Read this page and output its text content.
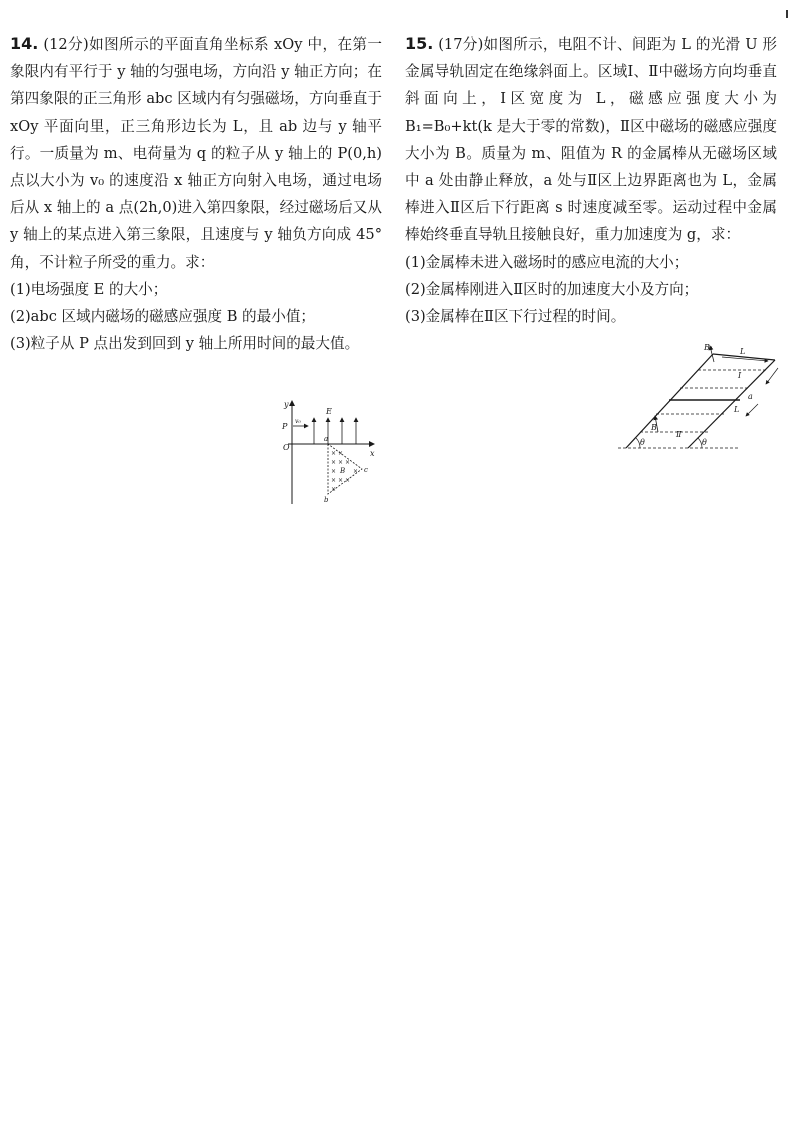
14. (12分)如图所示的平面直角坐标系 xOy 中，在第一象限内有平行于 y 轴的匀强电场，方向沿 y 轴正方向；在第四象限的正三角形 abc 区域内有匀强磁场，方向垂直于 xOy 平面向里，正三角形边长为 L，且 ab 边与 y 轴平行。一质量为 m、电荷量为 q 的粒子从 y 轴上的 P(0,h) 点以大小为 v₀ 的速度沿 x 轴正方向射入电场，通过电场后从 x 轴上的 a 点(2h,0)进入第四象限，经过磁场后又从 y 轴上的某点进入第三象限，且速度与 y 轴负方向成 45°角，不计粒子所受的重力。求：

(1)电场强度 E 的大小；

(2)abc 区域内磁场的磁感应强度 B 的最小值；

(3)粒子从 P 点出发到回到 y 轴上所用时间的最大值。

y
x
O
P
v₀
E
a
b
c
× ×
× × ×
×	×
× × ×
×
B

15. (17分)如图所示，电阻不计、间距为 L 的光滑 U 形金属导轨固定在绝缘斜面上。区域Ⅰ、Ⅱ中磁场方向均垂直斜面向上，Ⅰ区宽度为 L，磁感应强度大小为 B₁=B₀+kt(k 是大于零的常数)，Ⅱ区中磁场的磁感应强度大小为 B。质量为 m、阻值为 R 的金属棒从无磁场区域中 a 处由静止释放，a 处与Ⅱ区上边界距离也为 L，金属棒进入Ⅱ区后下行距离 s 时速度减至零。运动过程中金属棒始终垂直导轨且接触良好，重力加速度为 g，求：

(1)金属棒未进入磁场时的感应电流的大小；

(2)金属棒刚进入Ⅱ区时的加速度大小及方向；

(3)金属棒在Ⅱ区下行过程的时间。

B₁	L
Ⅰ
a
L
B
Ⅱ
θ	θ
